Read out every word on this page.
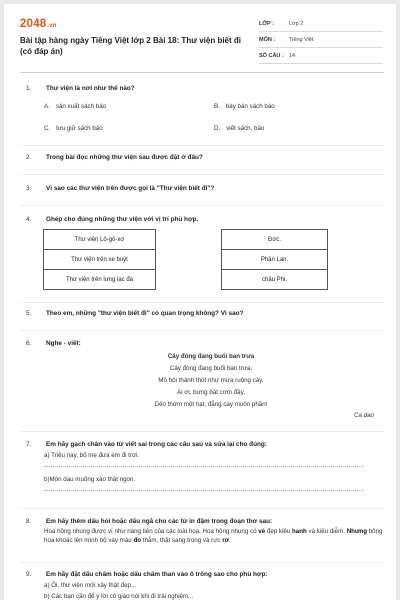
2048.vn
Bài tập hàng ngày Tiếng Việt lớp 2 Bài 18: Thư viện biết đi (có đáp án)
LỚP :	Lớp 2
MÔN :	Tiếng Việt
SỐ CÂU : 14
1. Thư viện là nơi như thế nào?
A. sản xuất sách báo	B. bày bán sách báo
C. lưu giữ sách báo	D. viết sách, báo
2. Trong bài đọc những thư viện sau được đặt ở đâu?
3. Vì sao các thư viện trên được gọi là "Thư viện biết đi"?
4. Ghép cho đúng những thư viện với vị trí phù hợp.
Thư viện Lô-gô-xơ		Đức.
Thư viện trên xe buýt		Phần Lan.
Thư viện trên lưng lạc đà		châu Phi.
5. Theo em, những "thư viện biết đi" có quan trọng không? Vì sao?
6. Nghe - viết:
Cây đòng đang buổi ban trưa
Cây đòng đang buổi ban trưa,
Mồ hôi thánh thót như mưa ruộng cày.
Ai ơi, bưng bát cơm đầy,
Dẻo thơm một hạt, đắng cay muôn phần!
Ca dao
7. Em hãy gạch chân vào từ viết sai trong các câu sau và sửa lại cho đúng:
a) Triệu nay, bố mẹ đưa em đi trơi.
b)Món dau muống xào thật ngon.
8. Em hãy thêm dấu hỏi hoặc dấu ngã cho các từ in đậm trong đoạn thơ sau:
Hoa hồng nhung được ví như nàng tiên của các loài hoa. Hoa hồng nhung có vẻ đẹp kiêu hanh và kiêu diễm. Nhưng bông hoa khoác lên mình bộ váy màu đo thắm, thật sang trọng và rực rơ.
9. Em hãy đặt dấu chấm hoặc dấu chấm than vào ô trống sao cho phù hợp:
a) Ôi, thư viện mới xây thật đẹp...
b) Các bạn cần để ý lời cô giáo nói khi đi trải nghiệm...
